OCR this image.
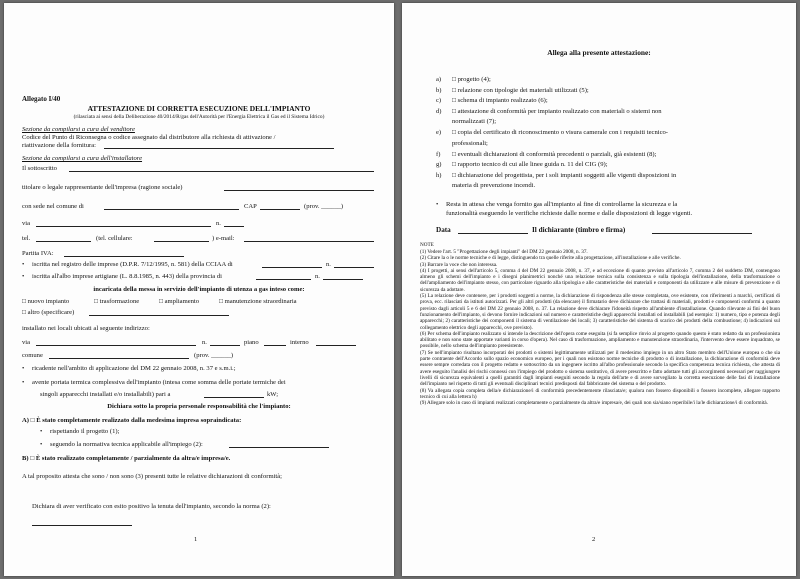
Allegato I/40
ATTESTAZIONE DI CORRETTA ESECUZIONE DELL'IMPIANTO
(rilasciata ai sensi della Deliberazione 40/2014/R/gas dell'Autorità per l'Energia Elettrica il Gas ed il Sistema Idrico)
Sezione da compilarsi a cura del venditore
Codice del Punto di Riconsegna o codice assegnato dal distributore alla richiesta di attivazione /
riattivazione della fornitura:
Sezione da compilarsi a cura dell'installatore
Il sottoscritto
titolare o legale rappresentante dell'impresa (ragione sociale)
con sede nel comune di	CAP	(prov. ______)
via	n.
tel.	(tel. cellulare:	) e-mail:
Partita IVA:
• iscritta nel registro delle imprese (D.P.R. 7/12/1995, n. 581) della CCIAA di	n.
• iscritta all'albo imprese artigiane (L. 8.8.1985, n. 443) della provincia di	n.
incaricata della messa in servizio dell'impianto di utenza a gas inteso come:
□ nuovo impianto	□ trasformazione	□ ampliamento	□ manutenzione straordinaria
□ altro (specificare)
installato nei locali ubicati al seguente indirizzo:
via	n.	piano	interno
comune	(prov. ______)
• ricadente nell'ambito di applicazione del DM 22 gennaio 2008, n. 37 e s.m.i.;
• avente portata termica complessiva dell'impianto (intesa come somma delle portate termiche dei
singoli apparecchi installati e/o installabili) pari a	kW;
Dichiara sotto la propria personale responsabilità che l'impianto:
A) □ È stato completamente realizzato dalla medesima impresa sopraindicata:
• rispettando il progetto (1);
• seguendo la normativa tecnica applicabile all'impiego (2):
B) □ È stato realizzato completamente / parzialmente da altra/e impresa/e.
A tal proposito attesta che sono / non sono (3) presenti tutte le relative dichiarazioni di conformità;
Dichiara di aver verificato con esito positivo la tenuta dell'impianto, secondo la norma (2):
1
Allega alla presente attestazione:
a) □ progetto (4);
b) □ relazione con tipologie dei materiali utilizzati (5);
c) □ schema di impianto realizzato (6);
d) □ attestazione di conformità per impianto realizzato con materiali o sistemi non
normalizzati (7);
e) □ copia del certificato di riconoscimento o visura camerale con i requisiti tecnico-
professionali;
f) □ eventuali dichiarazioni di conformità precedenti o parziali, già esistenti (8);
g) □ rapporto tecnico di cui alle linee guida n. 11 del CIG (9);
h) □ dichiarazione del progettista, per i soli impianti soggetti alle vigenti disposizioni in
materia di prevenzione incendi.
• Resta in attesa che venga fornito gas all'impianto al fine di controllarne la sicurezza e la
funzionalità eseguendo le verifiche richieste dalle norme e dalle disposizioni di legge vigenti.
Data	Il dichiarante (timbro e firma)
NOTE
(1) Vedere l'art. 5 "Progettazione degli impianti" del DM 22 gennaio 2008, n. 37.
(2) Citare la o le norme tecniche e di legge, distinguendo tra quelle riferite alla progettazione, all'installazione e alle verifiche.
(3) Barrare la voce che non interessa.
(4) I progetti, ai sensi dell'articolo 5, comma 4 del DM 22 gennaio 2008, n. 37, e ad eccezione di quanto previsto all'articolo 7, comma 2 del suddetto DM, contengono almeno gli schemi dell'impianto e i disegni planimetrici nonché una relazione tecnica sulla consistenza e sulla tipologia dell'installazione, della trasformazione o dell'ampliamento dell'impianto stesso, con particolare riguardo alla tipologia e alle caratteristiche dei materiali e componenti da utilizzare e alle misure di prevenzione e di sicurezza da adottare.
(5) La relazione deve contenere, per i prodotti soggetti a norme, la dichiarazione di rispondenza alle stesse completata, ove esistente, con riferimenti a marchi, certificati di prova, ecc. rilasciati da istituti autorizzati. Per gli altri prodotti (da elencare) il firmatario deve dichiarare che trattasi di materiali, prodotti e componenti conformi a quanto previsto dagli articoli 5 e 6 del DM 22 gennaio 2008, n. 37. La relazione deve dichiarare l'idoneità rispetto all'ambiente d'installazione. Quando rilevante ai fini del buon funzionamento dell'impianto, si devono fornire indicazioni sul numero e caratteristiche degli apparecchi installati od installabili (ad esempio: 1) numero, tipo e potenza degli apparecchi; 2) caratteristiche dei componenti il sistema di ventilazione dei locali; 3) caratteristiche del sistema di scarico dei prodotti della combustione; 4) indicazioni sul collegamento elettrico degli apparecchi, ove previsto).
(6) Per schema dell'impianto realizzato si intende la descrizione dell'opera come eseguita (si fa semplice rinvio al progetto quando questo è stato redatto da un professionista abilitato e non sono state apportate varianti in corso d'opera). Nel caso di trasformazione, ampliamento e manutenzione straordinaria, l'intervento deve essere inquadrato, se possibile, nello schema dell'impianto preesistente.
(7) Se nell'impianto risultano incorporati dei prodotti o sistemi legittimamente utilizzati per il medesimo impiego in un altro Stato membro dell'Unione europea o che sia parte contraente dell'Accordo sullo spazio economico europeo, per i quali non esistono norme tecniche di prodotto o di installazione, la dichiarazione di conformità deve essere sempre corredata con il progetto redatto e sottoscritto da un ingegnere iscritto all'albo professionale secondo la specifica competenza tecnica richiesta, che attesta di avere eseguito l'analisi dei rischi connessi con l'impiego del prodotto o sistema sostitutivo, di avere prescritto e fatto adottare tutti gli accorgimenti necessari per raggiungere livelli di sicurezza equivalenti a quelli garantiti dagli impianti eseguiti secondo la regola dell'arte e di avere sorvegliato la corretta esecuzione delle fasi di installazione dell'impianto nel rispetto di tutti gli eventuali disciplinari tecnici predisposti dal fabbricante del sistema o del prodotto.
(8) Va allegata copia completa della/e dichiarazione/i di conformità precedentemente rilasciata/e; qualora non fossero disponibili o fossero incomplete, allegare rapporto tecnico di cui alla lettera h)
(9) Allegare solo in caso di impianti realizzati completamente o parzialmente da altra/e impresa/e, dei quali non sia/siano reperibile/i la/le dichiarazione/i di conformità.
2
